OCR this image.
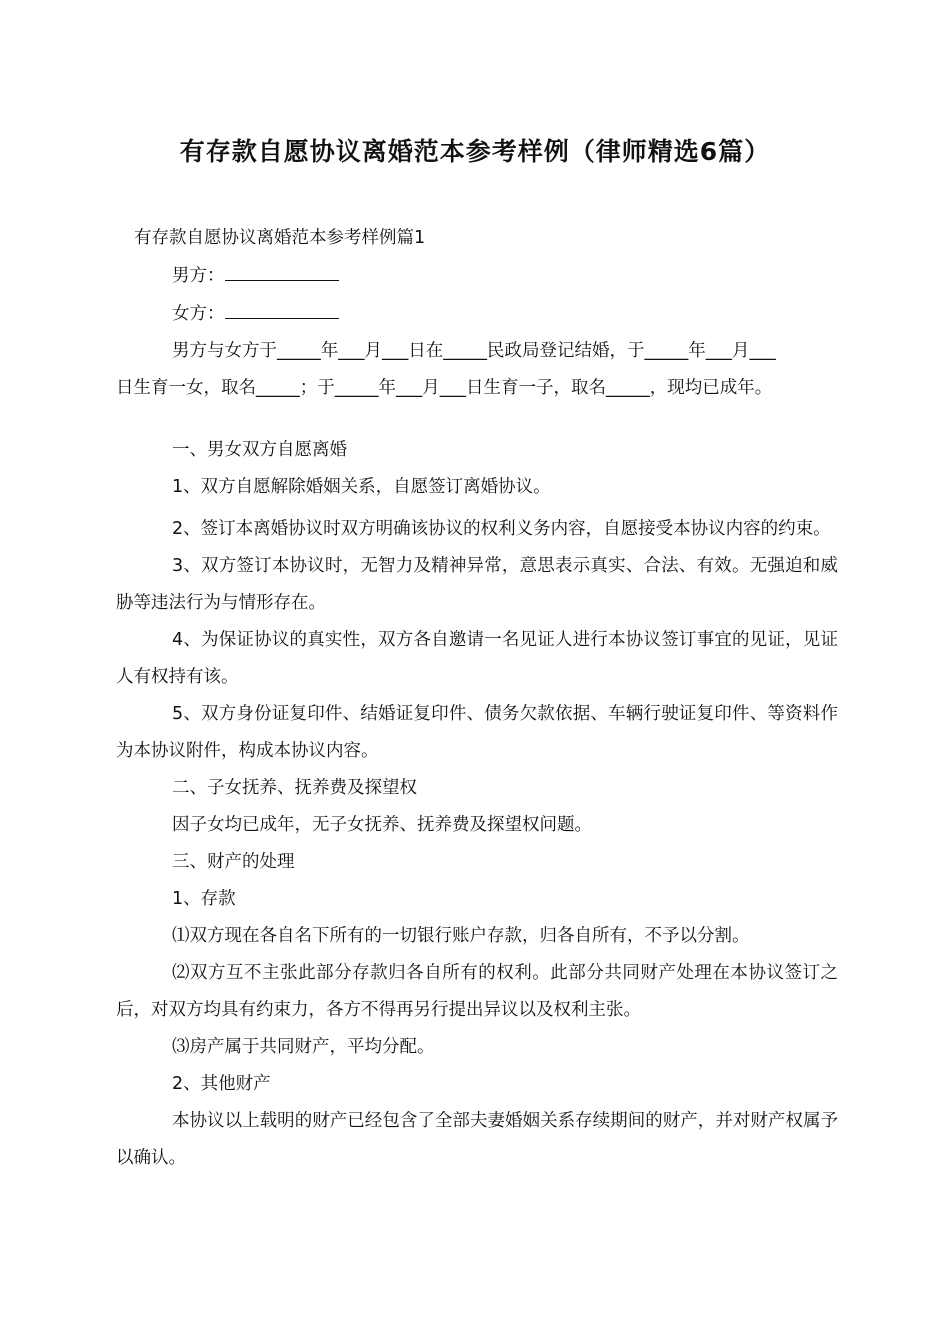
有存款自愿协议离婚范本参考样例（律师精选6篇）

有存款自愿协议离婚范本参考样例篇1

男方：

女方：

男方与女方于_____年___月___日在_____民政局登记结婚，于_____年___月___

日生育一女，取名_____；于_____年___月___日生育一子，取名_____，现均已成年。

一、男女双方自愿离婚

1、双方自愿解除婚姻关系，自愿签订离婚协议。

2、签订本离婚协议时双方明确该协议的权利义务内容，自愿接受本协议内容的约束。

3、双方签订本协议时，无智力及精神异常，意思表示真实、合法、有效。无强迫和威胁等违法行为与情形存在。

4、为保证协议的真实性，双方各自邀请一名见证人进行本协议签订事宜的见证，见证人有权持有该。

5、双方身份证复印件、结婚证复印件、债务欠款依据、车辆行驶证复印件、等资料作为本协议附件，构成本协议内容。

二、子女抚养、抚养费及探望权

因子女均已成年，无子女抚养、抚养费及探望权问题。

三、财产的处理

1、存款

⑴双方现在各自名下所有的一切银行账户存款，归各自所有，不予以分割。

⑵双方互不主张此部分存款归各自所有的权利。此部分共同财产处理在本协议签订之后，对双方均具有约束力，各方不得再另行提出异议以及权利主张。

⑶房产属于共同财产，平均分配。

2、其他财产

本协议以上载明的财产已经包含了全部夫妻婚姻关系存续期间的财产，并对财产权属予以确认。
